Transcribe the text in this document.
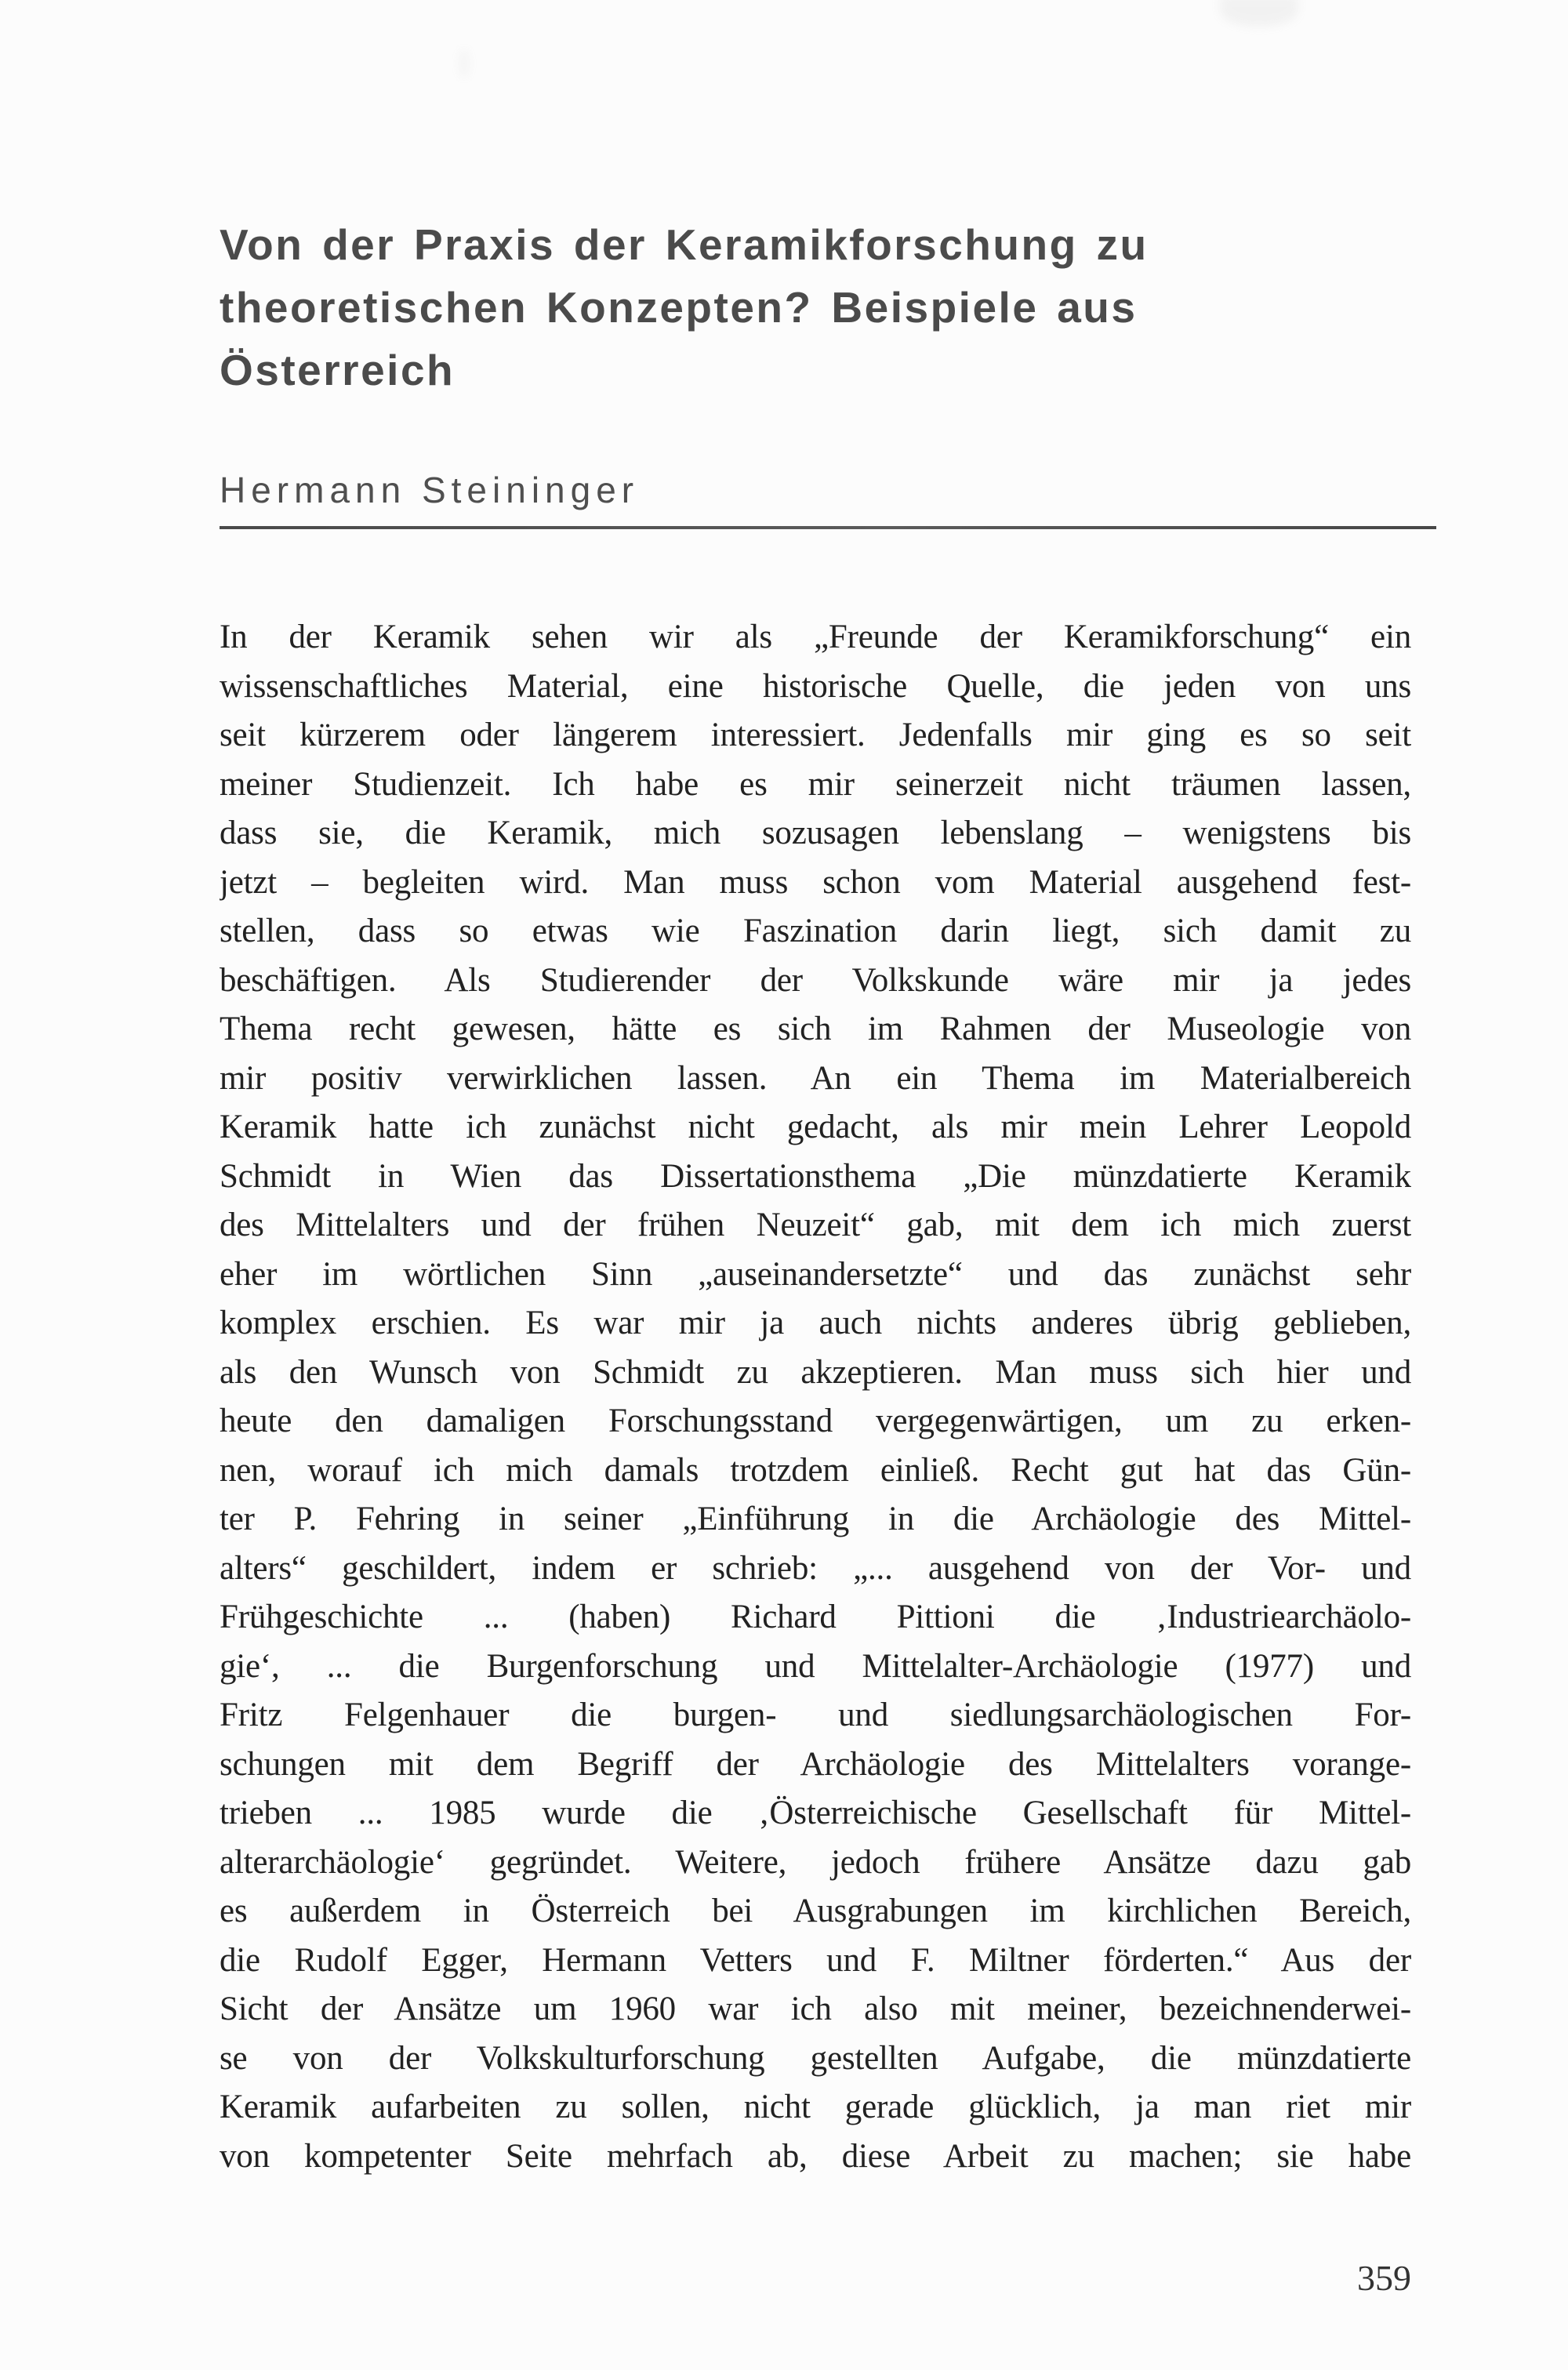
Von der Praxis der Keramikforschung zu
theoretischen Konzepten? Beispiele aus
Österreich
Hermann Steininger

In der Keramik sehen wir als „Freunde der Keramikforschung“ ein

wissenschaftliches Material, eine historische Quelle, die jeden von uns

seit kürzerem oder längerem interessiert. Jedenfalls mir ging es so seit

meiner Studienzeit. Ich habe es mir seinerzeit nicht träumen lassen,

dass sie, die Keramik, mich sozusagen lebenslang – wenigstens bis

jetzt – begleiten wird. Man muss schon vom Material ausgehend fest-

stellen, dass so etwas wie Faszination darin liegt, sich damit zu

beschäftigen. Als Studierender der Volkskunde wäre mir ja jedes

Thema recht gewesen, hätte es sich im Rahmen der Museologie von

mir positiv verwirklichen lassen. An ein Thema im Materialbereich

Keramik hatte ich zunächst nicht gedacht, als mir mein Lehrer Leopold

Schmidt in Wien das Dissertationsthema „Die münzdatierte Keramik

des Mittelalters und der frühen Neuzeit“ gab, mit dem ich mich zuerst

eher im wörtlichen Sinn „auseinandersetzte“ und das zunächst sehr

komplex erschien. Es war mir ja auch nichts anderes übrig geblieben,

als den Wunsch von Schmidt zu akzeptieren. Man muss sich hier und

heute den damaligen Forschungsstand vergegenwärtigen, um zu erken-

nen, worauf ich mich damals trotzdem einließ. Recht gut hat das Gün-

ter P. Fehring in seiner „Einführung in die Archäologie des Mittel-

alters“ geschildert, indem er schrieb: „... ausgehend von der Vor- und

Frühgeschichte ... (haben) Richard Pittioni die ‚Industriearchäolo-

gie‘, ... die Burgenforschung und Mittelalter-Archäologie (1977) und

Fritz Felgenhauer die burgen- und siedlungsarchäologischen For-

schungen mit dem Begriff der Archäologie des Mittelalters vorange-

trieben ... 1985 wurde die ‚Österreichische Gesellschaft für Mittel-

alterarchäologie‘ gegründet. Weitere, jedoch frühere Ansätze dazu gab

es außerdem in Österreich bei Ausgrabungen im kirchlichen Bereich,

die Rudolf Egger, Hermann Vetters und F. Miltner förderten.“ Aus der

Sicht der Ansätze um 1960 war ich also mit meiner, bezeichnenderwei-

se von der Volkskulturforschung gestellten Aufgabe, die münzdatierte

Keramik aufarbeiten zu sollen, nicht gerade glücklich, ja man riet mir

von kompetenter Seite mehrfach ab, diese Arbeit zu machen; sie habe

359
